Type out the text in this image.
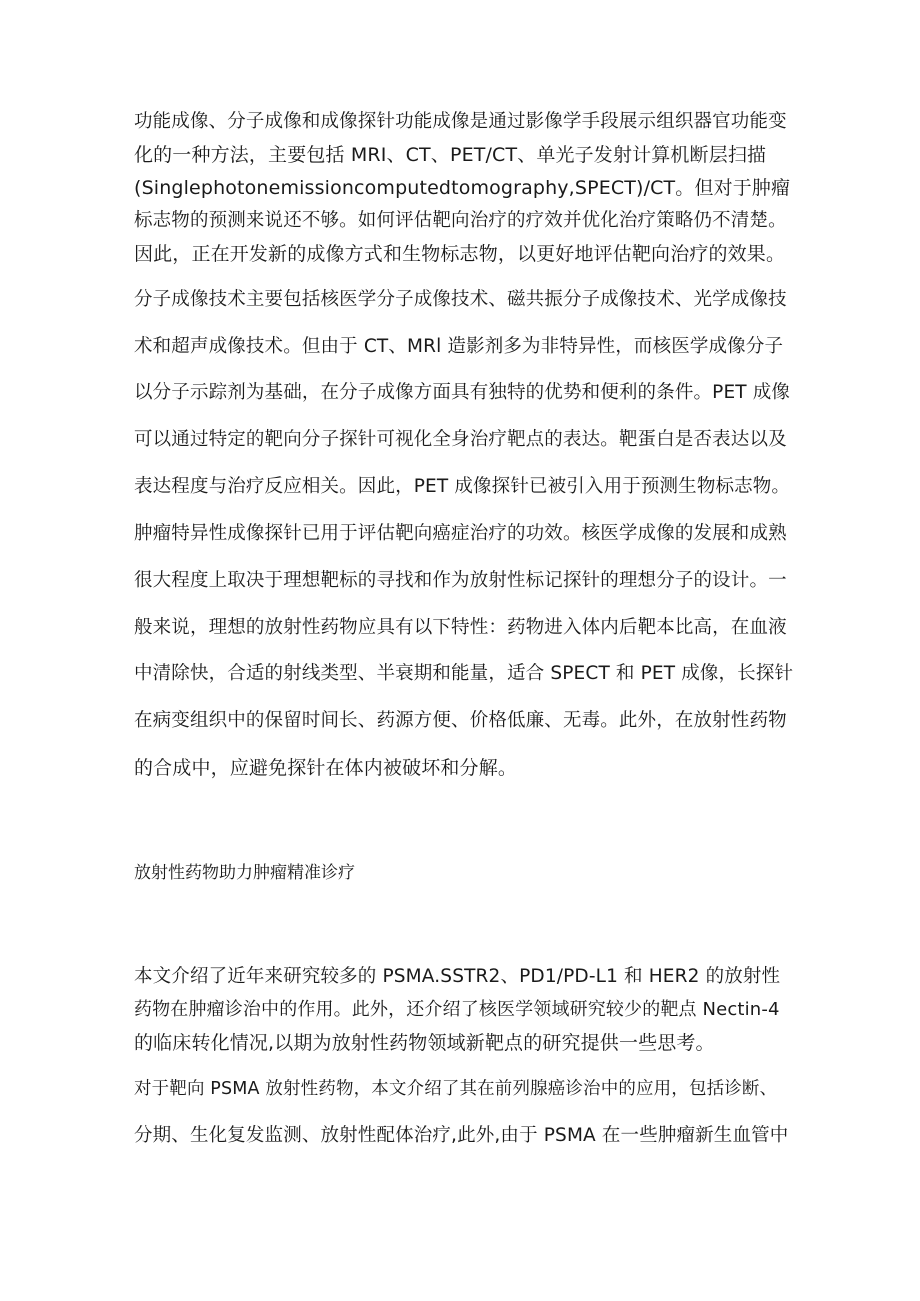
功能成像、分子成像和成像探针功能成像是通过影像学手段展示组织器官功能变
化的一种方法，主要包括 MRI、CT、PET/CT、单光子发射计算机断层扫描
(Singlephotonemissioncomputedtomography,SPECT)/CT。但对于肿瘤
标志物的预测来说还不够。如何评估靶向治疗的疗效并优化治疗策略仍不清楚。
因此，正在开发新的成像方式和生物标志物，以更好地评估靶向治疗的效果。
分子成像技术主要包括核医学分子成像技术、磁共振分子成像技术、光学成像技
术和超声成像技术。但由于 CT、MRl 造影剂多为非特异性，而核医学成像分子
以分子示踪剂为基础，在分子成像方面具有独特的优势和便利的条件。PET 成像
可以通过特定的靶向分子探针可视化全身治疗靶点的表达。靶蛋白是否表达以及
表达程度与治疗反应相关。因此，PET 成像探针已被引入用于预测生物标志物。
肿瘤特异性成像探针已用于评估靶向癌症治疗的功效。核医学成像的发展和成熟
很大程度上取决于理想靶标的寻找和作为放射性标记探针的理想分子的设计。一
般来说，理想的放射性药物应具有以下特性：药物进入体内后靶本比高，在血液
中清除快，合适的射线类型、半衰期和能量，适合 SPECT 和 PET 成像，长探针
在病变组织中的保留时间长、药源方便、价格低廉、无毒。此外，在放射性药物
的合成中，应避免探针在体内被破坏和分解。
放射性药物助力肿瘤精准诊疗
本文介绍了近年来研究较多的 PSMA.SSTR2、PD1/PD-L1 和 HER2 的放射性
药物在肿瘤诊治中的作用。此外，还介绍了核医学领域研究较少的靶点 Nectin-4
的临床转化情况,以期为放射性药物领域新靶点的研究提供一些思考。
对于靶向 PSMA 放射性药物，本文介绍了其在前列腺癌诊治中的应用，包括诊断、
分期、生化复发监测、放射性配体治疗,此外,由于 PSMA 在一些肿瘤新生血管中
